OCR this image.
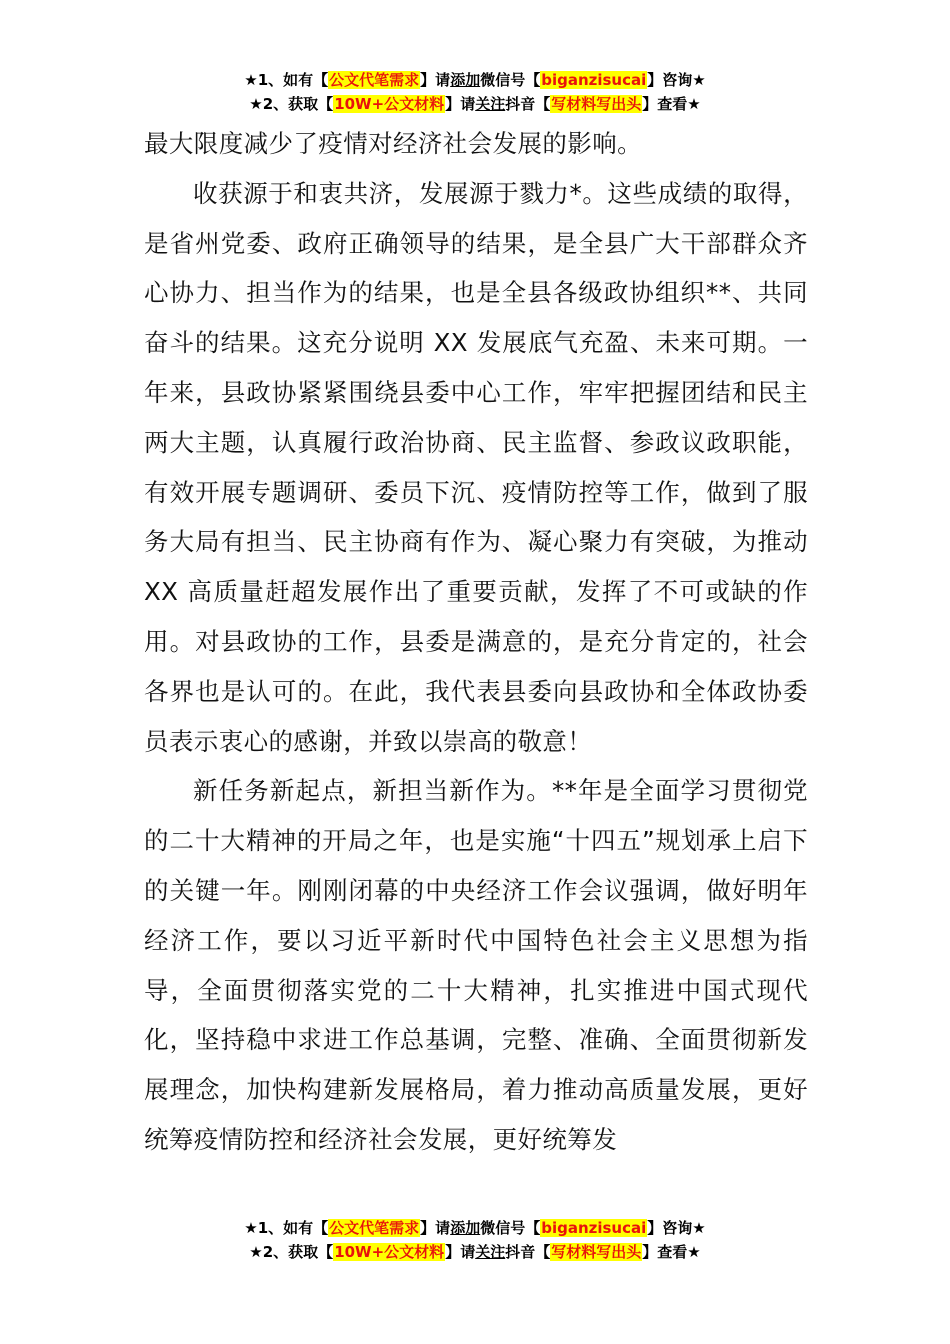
★1、如有【公文代笔需求】请添加微信号【biganzisucai】咨询★
★2、获取【10W+公文材料】请关注抖音【写材料写出头】查看★

最大限度减少了疫情对经济社会发展的影响。

收获源于和衷共济，发展源于戮力*。这些成绩的取得，是省州党委、政府正确领导的结果，是全县广大干部群众齐心协力、担当作为的结果，也是全县各级政协组织**、共同奋斗的结果。这充分说明 XX 发展底气充盈、未来可期。一年来，县政协紧紧围绕县委中心工作，牢牢把握团结和民主两大主题，认真履行政治协商、民主监督、参政议政职能，有效开展专题调研、委员下沉、疫情防控等工作，做到了服务大局有担当、民主协商有作为、凝心聚力有突破，为推动 XX 高质量赶超发展作出了重要贡献，发挥了不可或缺的作用。对县政协的工作，县委是满意的，是充分肯定的，社会各界也是认可的。在此，我代表县委向县政协和全体政协委员表示衷心的感谢，并致以崇高的敬意！

新任务新起点，新担当新作为。**年是全面学习贯彻党的二十大精神的开局之年，也是实施“十四五”规划承上启下的关键一年。刚刚闭幕的中央经济工作会议强调，做好明年经济工作，要以习近平新时代中国特色社会主义思想为指导，全面贯彻落实党的二十大精神，扎实推进中国式现代化，坚持稳中求进工作总基调，完整、准确、全面贯彻新发展理念，加快构建新发展格局，着力推动高质量发展，更好统筹疫情防控和经济社会发展，更好统筹发

★1、如有【公文代笔需求】请添加微信号【biganzisucai】咨询★
★2、获取【10W+公文材料】请关注抖音【写材料写出头】查看★
